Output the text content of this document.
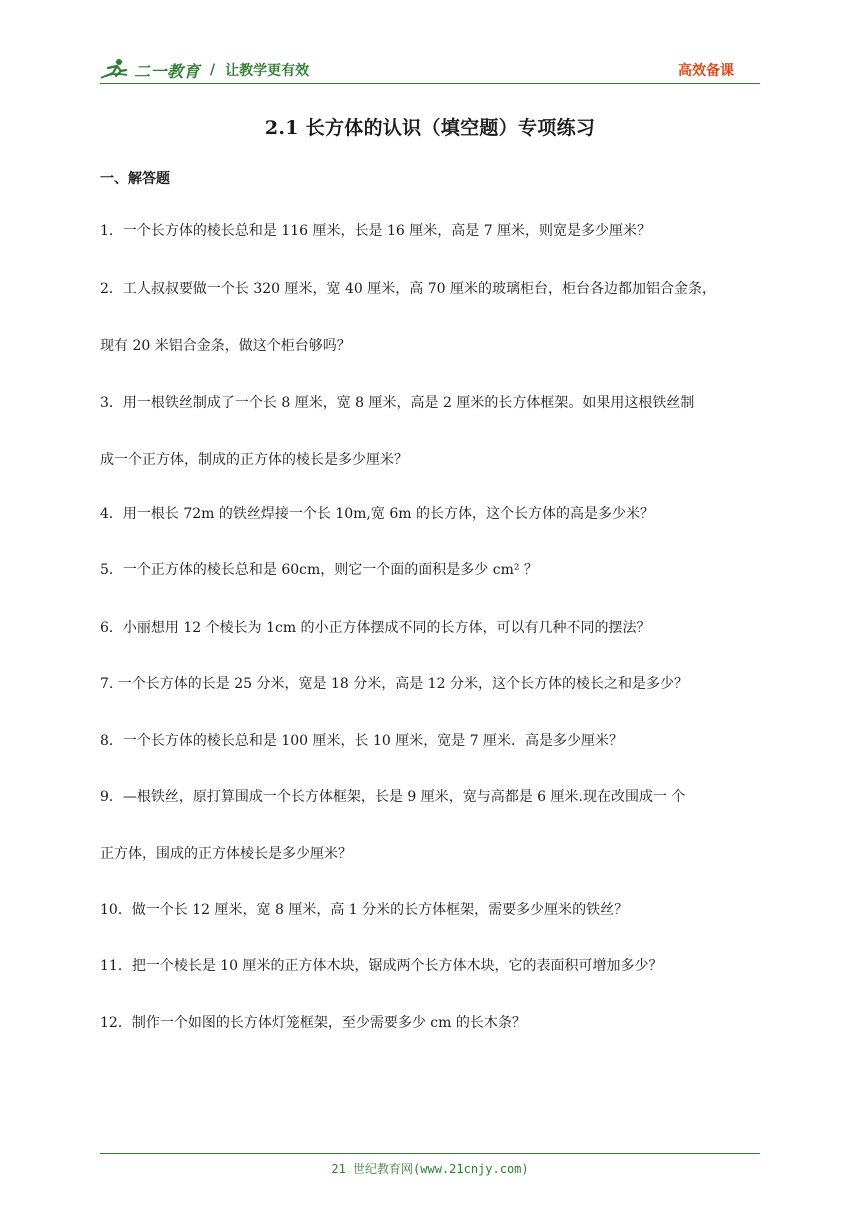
二一教育 / 让教学更有效	高效备课
2.1 长方体的认识（填空题）专项练习
一、解答题
1．一个长方体的棱长总和是 116 厘米，长是 16 厘米，高是 7 厘米，则宽是多少厘米？
2．工人叔叔要做一个长 320 厘米，宽 40 厘米，高 70 厘米的玻璃柜台，柜台各边都加铝合金条，
现有 20 米铝合金条，做这个柜台够吗？
3．用一根铁丝制成了一个长 8 厘米，宽 8 厘米，高是 2 厘米的长方体框架。如果用这根铁丝制
成一个正方体，制成的正方体的棱长是多少厘米？
4．用一根长 72m 的铁丝焊接一个长 10m,宽 6m 的长方体，这个长方体的高是多少米？
5．一个正方体的棱长总和是 60cm，则它一个面的面积是多少 cm² ？
6．小丽想用 12 个棱长为 1cm 的小正方体摆成不同的长方体，可以有几种不同的摆法？
7. 一个长方体的长是 25 分米，宽是 18 分米，高是 12 分米，这个长方体的棱长之和是多少？
8．一个长方体的棱长总和是 100 厘米，长 10 厘米，宽是 7 厘米．高是多少厘米？
9．—根铁丝，原打算围成一个长方体框架，长是 9 厘米，宽与高都是 6 厘米.现在改围成一 个
正方体，围成的正方体棱长是多少厘米？
10．做一个长 12 厘米，宽 8 厘米，高 1 分米的长方体框架，需要多少厘米的铁丝？
11．把一个棱长是 10 厘米的正方体木块，锯成两个长方体木块，它的表面积可增加多少？
12．制作一个如图的长方体灯笼框架，至少需要多少 cm 的长木条？
21 世纪教育网(www.21cnjy.com)
